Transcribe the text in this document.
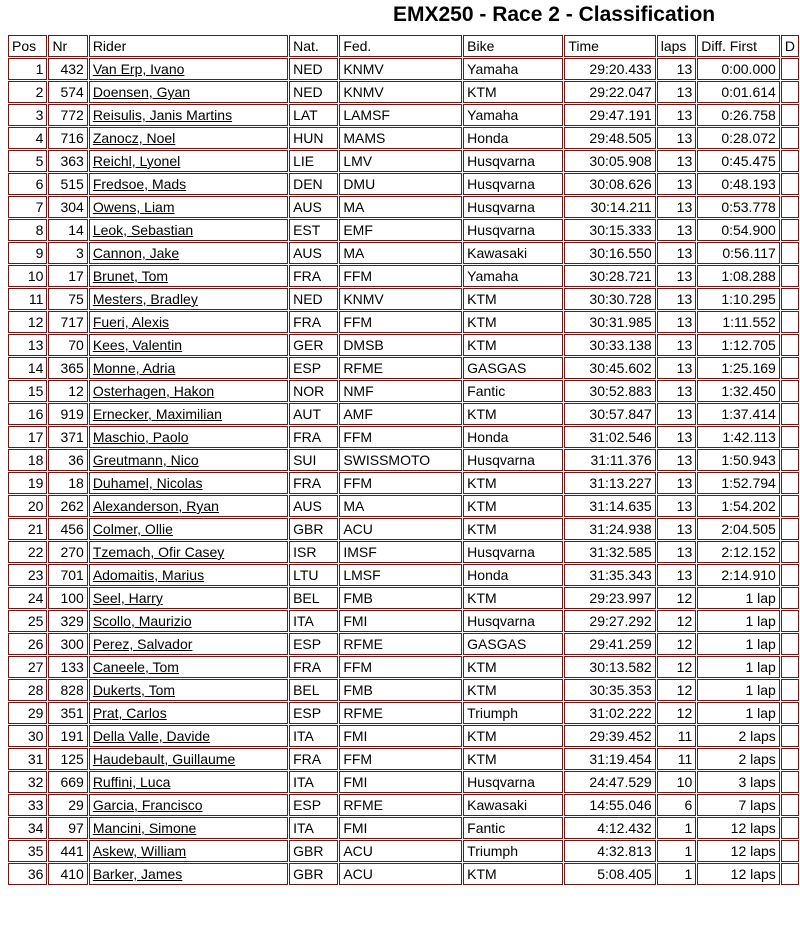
EMX250 - Race 2 - Classification
Pos	Nr	Rider	Nat.	Fed.	Bike	Time	laps	Diff. First	D
1	432	Van Erp, Ivano	NED	KNMV	Yamaha	29:20.433	13	0:00.000	
2	574	Doensen, Gyan	NED	KNMV	KTM	29:22.047	13	0:01.614	
3	772	Reisulis, Janis Martins	LAT	LAMSF	Yamaha	29:47.191	13	0:26.758	
4	716	Zanocz, Noel	HUN	MAMS	Honda	29:48.505	13	0:28.072	
5	363	Reichl, Lyonel	LIE	LMV	Husqvarna	30:05.908	13	0:45.475	
6	515	Fredsoe, Mads	DEN	DMU	Husqvarna	30:08.626	13	0:48.193	
7	304	Owens, Liam	AUS	MA	Husqvarna	30:14.211	13	0:53.778	
8	14	Leok, Sebastian	EST	EMF	Husqvarna	30:15.333	13	0:54.900	
9	3	Cannon, Jake	AUS	MA	Kawasaki	30:16.550	13	0:56.117	
10	17	Brunet, Tom	FRA	FFM	Yamaha	30:28.721	13	1:08.288	
11	75	Mesters, Bradley	NED	KNMV	KTM	30:30.728	13	1:10.295	
12	717	Fueri, Alexis	FRA	FFM	KTM	30:31.985	13	1:11.552	
13	70	Kees, Valentin	GER	DMSB	KTM	30:33.138	13	1:12.705	
14	365	Monne, Adria	ESP	RFME	GASGAS	30:45.602	13	1:25.169	
15	12	Osterhagen, Hakon	NOR	NMF	Fantic	30:52.883	13	1:32.450	
16	919	Ernecker, Maximilian	AUT	AMF	KTM	30:57.847	13	1:37.414	
17	371	Maschio, Paolo	FRA	FFM	Honda	31:02.546	13	1:42.113	
18	36	Greutmann, Nico	SUI	SWISSMOTO	Husqvarna	31:11.376	13	1:50.943	
19	18	Duhamel, Nicolas	FRA	FFM	KTM	31:13.227	13	1:52.794	
20	262	Alexanderson, Ryan	AUS	MA	KTM	31:14.635	13	1:54.202	
21	456	Colmer, Ollie	GBR	ACU	KTM	31:24.938	13	2:04.505	
22	270	Tzemach, Ofir Casey	ISR	IMSF	Husqvarna	31:32.585	13	2:12.152	
23	701	Adomaitis, Marius	LTU	LMSF	Honda	31:35.343	13	2:14.910	
24	100	Seel, Harry	BEL	FMB	KTM	29:23.997	12	1 lap	
25	329	Scollo, Maurizio	ITA	FMI	Husqvarna	29:27.292	12	1 lap	
26	300	Perez, Salvador	ESP	RFME	GASGAS	29:41.259	12	1 lap	
27	133	Caneele, Tom	FRA	FFM	KTM	30:13.582	12	1 lap	
28	828	Dukerts, Tom	BEL	FMB	KTM	30:35.353	12	1 lap	
29	351	Prat, Carlos	ESP	RFME	Triumph	31:02.222	12	1 lap	
30	191	Della Valle, Davide	ITA	FMI	KTM	29:39.452	11	2 laps	
31	125	Haudebault, Guillaume	FRA	FFM	KTM	31:19.454	11	2 laps	
32	669	Ruffini, Luca	ITA	FMI	Husqvarna	24:47.529	10	3 laps	
33	29	Garcia, Francisco	ESP	RFME	Kawasaki	14:55.046	6	7 laps	
34	97	Mancini, Simone	ITA	FMI	Fantic	4:12.432	1	12 laps	
35	441	Askew, William	GBR	ACU	Triumph	4:32.813	1	12 laps	
36	410	Barker, James	GBR	ACU	KTM	5:08.405	1	12 laps	
